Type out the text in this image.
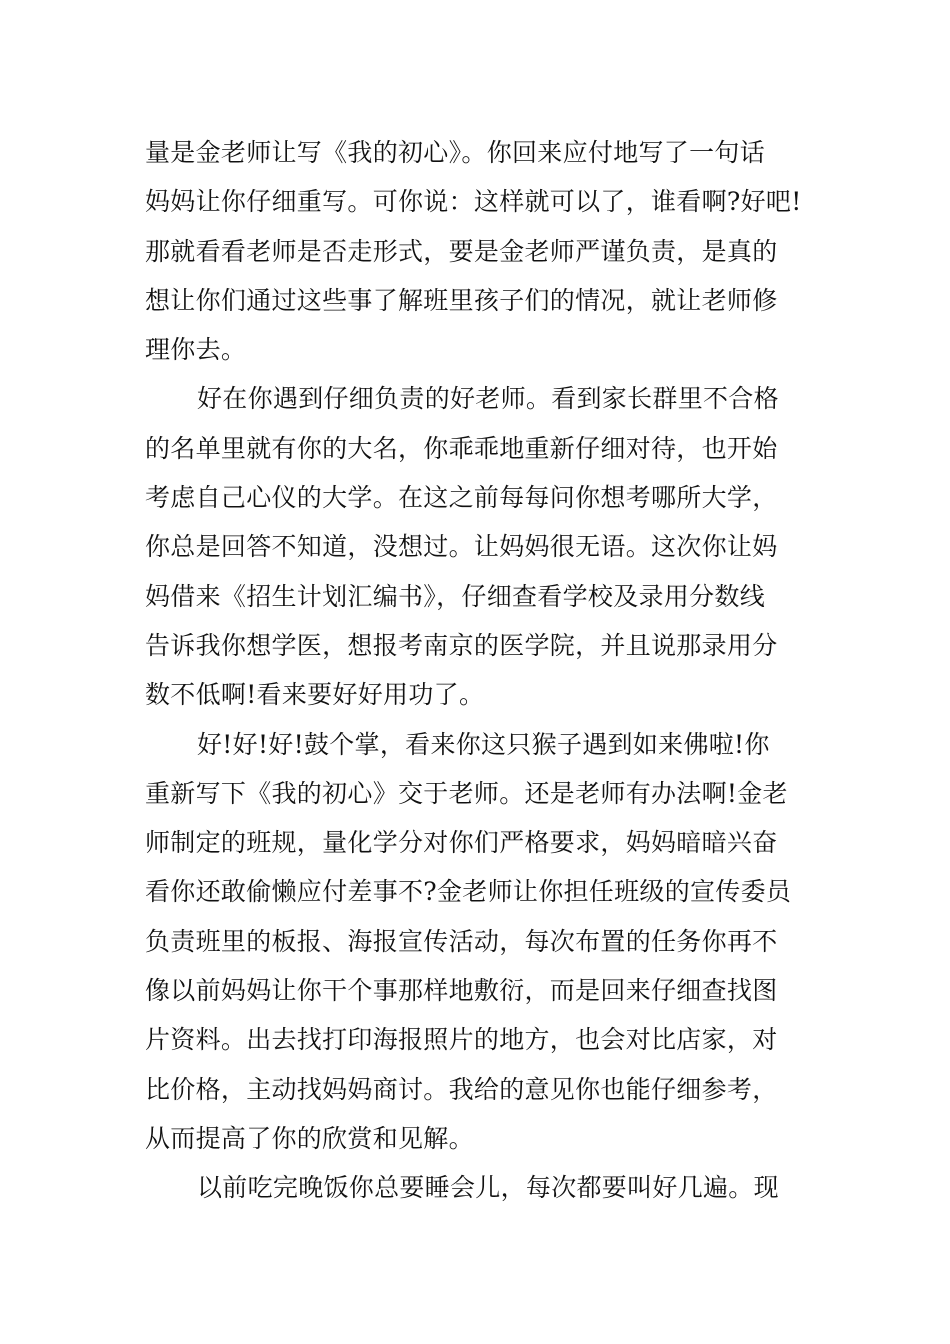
量是金老师让写《我的初心》。你回来应付地写了一句话
妈妈让你仔细重写。可你说：这样就可以了，谁看啊?好吧!
那就看看老师是否走形式，要是金老师严谨负责，是真的
想让你们通过这些事了解班里孩子们的情况，就让老师修
理你去。
好在你遇到仔细负责的好老师。看到家长群里不合格
的名单里就有你的大名，你乖乖地重新仔细对待，也开始
考虑自己心仪的大学。在这之前每每问你想考哪所大学，
你总是回答不知道，没想过。让妈妈很无语。这次你让妈
妈借来《招生计划汇编书》，仔细查看学校及录用分数线
告诉我你想学医，想报考南京的医学院，并且说那录用分
数不低啊!看来要好好用功了。
好!好!好!鼓个掌，看来你这只猴子遇到如来佛啦!你
重新写下《我的初心》交于老师。还是老师有办法啊!金老
师制定的班规，量化学分对你们严格要求，妈妈暗暗兴奋
看你还敢偷懒应付差事不?金老师让你担任班级的宣传委员
负责班里的板报、海报宣传活动，每次布置的任务你再不
像以前妈妈让你干个事那样地敷衍，而是回来仔细查找图
片资料。出去找打印海报照片的地方，也会对比店家，对
比价格，主动找妈妈商讨。我给的意见你也能仔细参考，
从而提高了你的欣赏和见解。
以前吃完晚饭你总要睡会儿，每次都要叫好几遍。现
